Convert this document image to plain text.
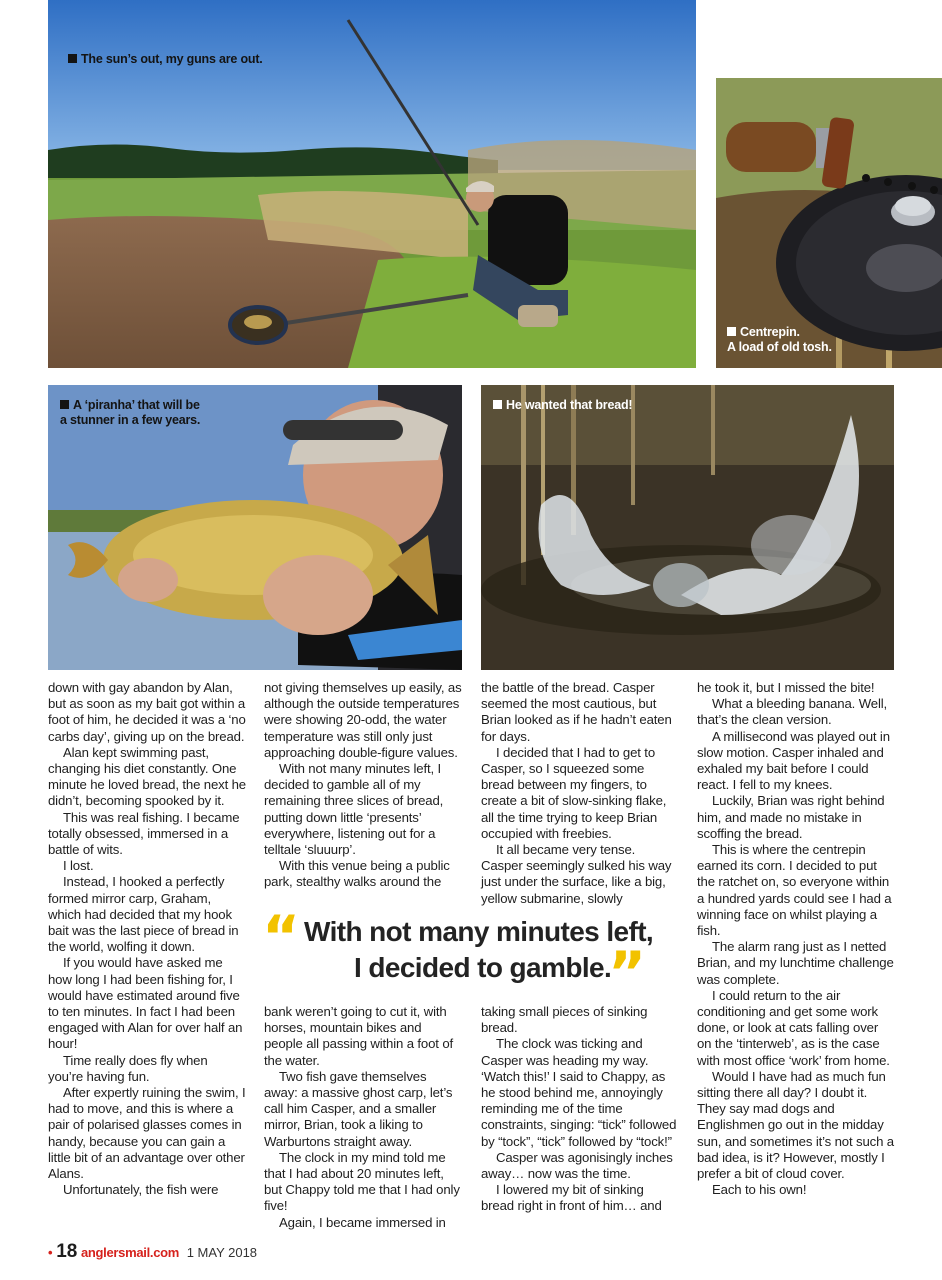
The sun’s out, my guns are out.
Centrepin.
A load of old tosh.
A ‘piranha’ that will be
a stunner in a few years.
He wanted that bread!

down with gay abandon by Alan, but as soon as my bait got within a foot of him, he decided it was a ‘no carbs day’, giving up on the bread.

Alan kept swimming past, changing his diet constantly. One minute he loved bread, the next he didn’t, becoming spooked by it.

This was real fishing. I became totally obsessed, immersed in a battle of wits.

I lost.

Instead, I hooked a perfectly formed mirror carp, Graham, which had decided that my hook bait was the last piece of bread in the world, wolfing it down.

If you would have asked me how long I had been fishing for, I would have estimated around five to ten minutes. In fact I had been engaged with Alan for over half an hour!

Time really does fly when you’re having fun.

After expertly ruining the swim, I had to move, and this is where a pair of polarised glasses comes in handy, because you can gain a little bit of an advantage over other Alans.

Unfortunately, the fish were

not giving themselves up easily, as although the outside temperatures were showing 20-odd, the water temperature was still only just approaching double-figure values.

With not many minutes left, I decided to gamble all of my remaining three slices of bread, putting down little ‘presents’ everywhere, listening out for a telltale ‘sluuurp’.

With this venue being a public park, stealthy walks around the

the battle of the bread. Casper seemed the most cautious, but Brian looked as if he hadn’t eaten for days.

I decided that I had to get to Casper, so I squeezed some bread between my fingers, to create a bit of slow-sinking flake, all the time trying to keep Brian occupied with freebies.

It all became very tense. Casper seemingly sulked his way just under the surface, like a big, yellow submarine, slowly

“ With not many minutes left,
I decided to gamble.
”

bank weren’t going to cut it, with horses, mountain bikes and people all passing within a foot of the water.

Two fish gave themselves away: a massive ghost carp, let’s call him Casper, and a smaller mirror, Brian, took a liking to Warburtons straight away.

The clock in my mind told me that I had about 20 minutes left, but Chappy told me that I had only five!

Again, I became immersed in

taking small pieces of sinking bread.

The clock was ticking and Casper was heading my way. ‘Watch this!’ I said to Chappy, as he stood behind me, annoyingly reminding me of the time constraints, singing: “tick” followed by “tock”, “tick” followed by “tock!”

Casper was agonisingly inches away… now was the time.

I lowered my bit of sinking bread right in front of him… and

he took it, but I missed the bite!

What a bleeding banana. Well, that’s the clean version.

A millisecond was played out in slow motion. Casper inhaled and exhaled my bait before I could react. I fell to my knees.

Luckily, Brian was right behind him, and made no mistake in scoffing the bread.

This is where the centrepin earned its corn. I decided to put the ratchet on, so everyone within a hundred yards could see I had a winning face on whilst playing a fish.

The alarm rang just as I netted Brian, and my lunchtime challenge was complete.

I could return to the air conditioning and get some work done, or look at cats falling over on the ‘tinterweb’, as is the case with most office ‘work’ from home.

Would I have had as much fun sitting there all day? I doubt it. They say mad dogs and Englishmen go out in the midday sun, and sometimes it’s not such a bad idea, is it? However, mostly I prefer a bit of cloud cover.

Each to his own!

• 18 anglersmail.com 1 MAY 2018
